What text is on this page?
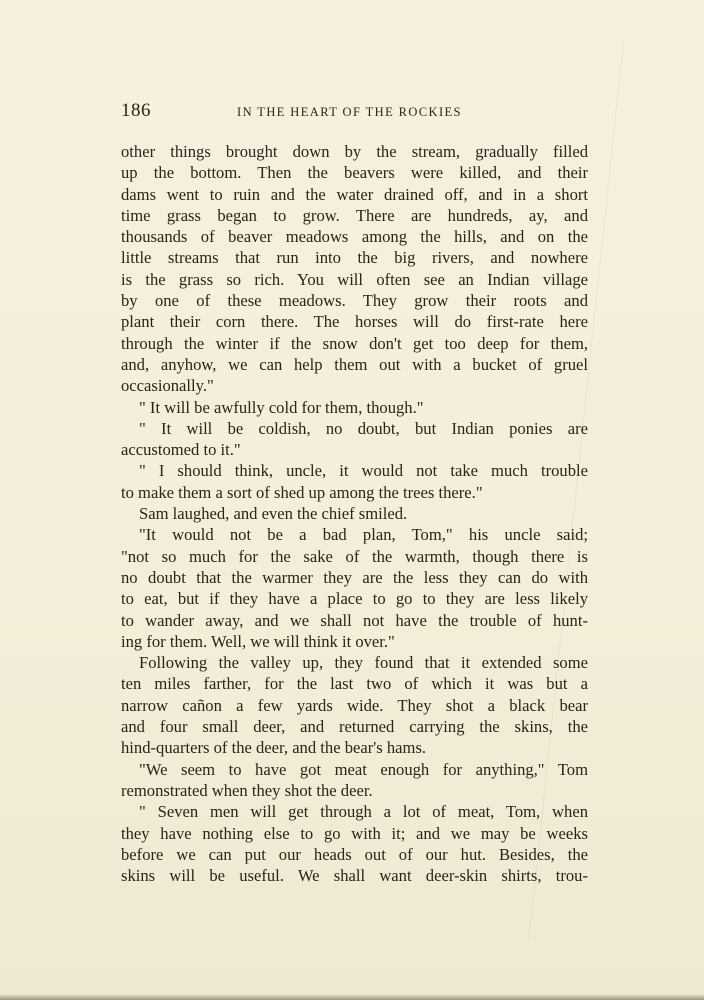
186	IN THE HEART OF THE ROCKIES
other things brought down by the stream, gradually filled
up the bottom. Then the beavers were killed, and their
dams went to ruin and the water drained off, and in a short
time grass began to grow. There are hundreds, ay, and
thousands of beaver meadows among the hills, and on the
little streams that run into the big rivers, and nowhere
is the grass so rich. You will often see an Indian village
by one of these meadows. They grow their roots and
plant their corn there. The horses will do first-rate here
through the winter if the snow don't get too deep for them,
and, anyhow, we can help them out with a bucket of gruel
occasionally."
" It will be awfully cold for them, though."
" It will be coldish, no doubt, but Indian ponies are
accustomed to it."
" I should think, uncle, it would not take much trouble
to make them a sort of shed up among the trees there."
Sam laughed, and even the chief smiled.
"It would not be a bad plan, Tom," his uncle said;
"not so much for the sake of the warmth, though there is
no doubt that the warmer they are the less they can do with
to eat, but if they have a place to go to they are less likely
to wander away, and we shall not have the trouble of hunt-
ing for them. Well, we will think it over."
Following the valley up, they found that it extended some
ten miles farther, for the last two of which it was but a
narrow cañon a few yards wide. They shot a black bear
and four small deer, and returned carrying the skins, the
hind-quarters of the deer, and the bear's hams.
"We seem to have got meat enough for anything," Tom
remonstrated when they shot the deer.
" Seven men will get through a lot of meat, Tom, when
they have nothing else to go with it; and we may be weeks
before we can put our heads out of our hut. Besides, the
skins will be useful. We shall want deer-skin shirts, trou-
